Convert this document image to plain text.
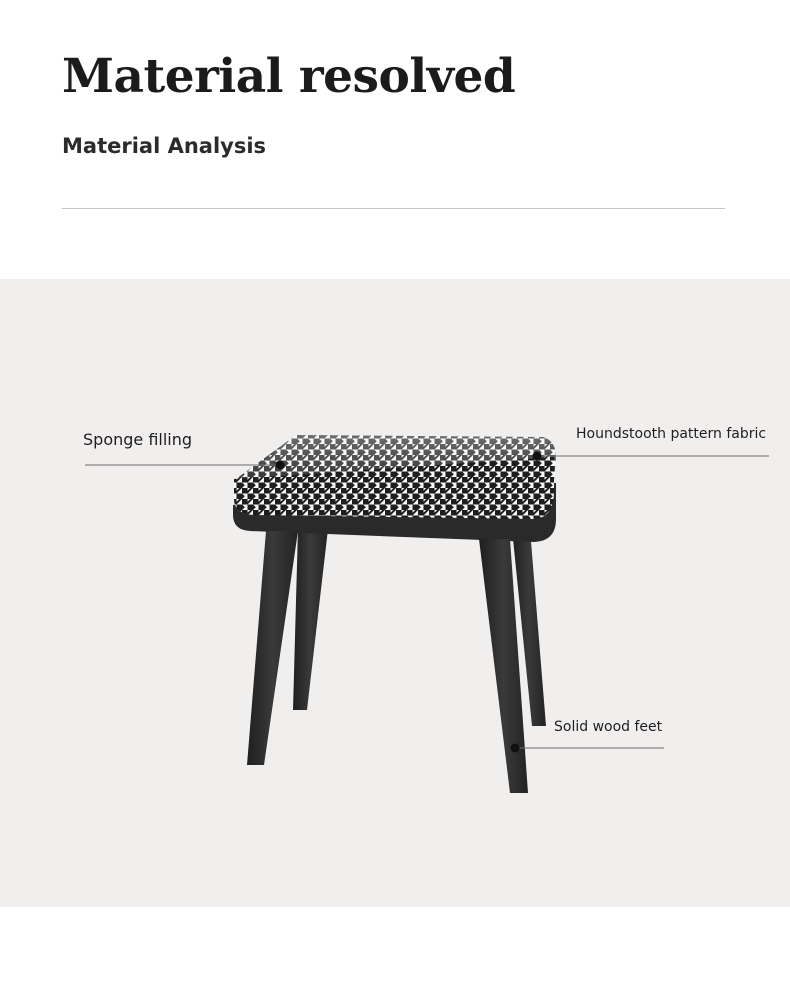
Material resolved
Material Analysis

Sponge filling	Houndstooth pattern fabric

Solid wood feet
